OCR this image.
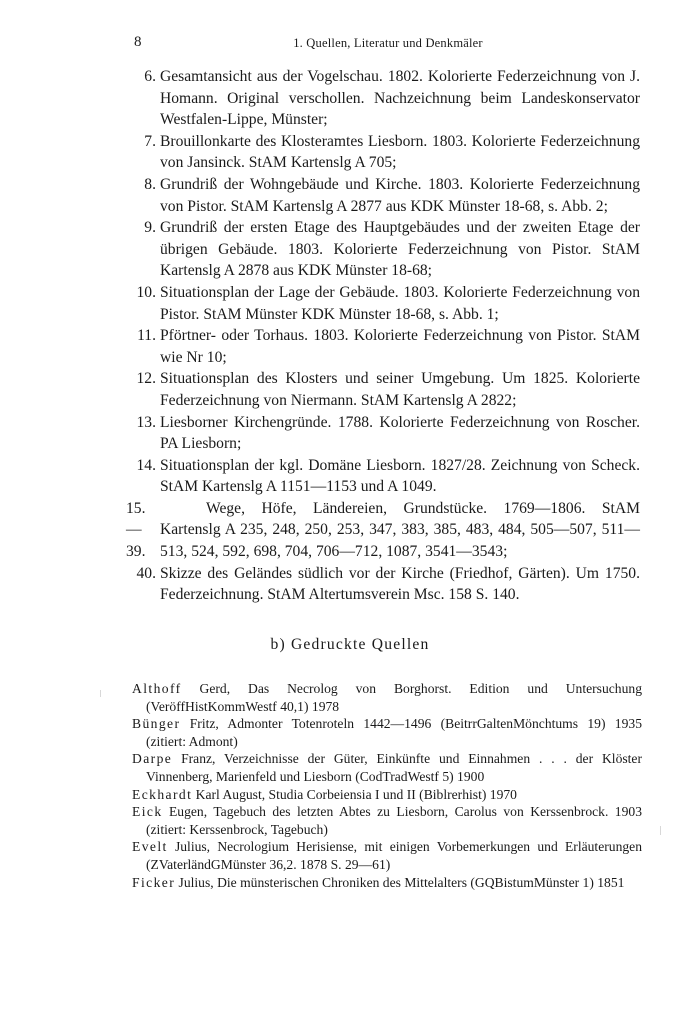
8	1. Quellen, Literatur und Denkmäler
6. Gesamtansicht aus der Vogelschau. 1802. Kolorierte Federzeichnung von J. Homann. Original verschollen. Nachzeichnung beim Landeskonservator Westfalen-Lippe, Münster;
7. Brouillonkarte des Klosteramtes Liesborn. 1803. Kolorierte Federzeichnung von Jansinck. StAM Kartenslg A 705;
8. Grundriß der Wohngebäude und Kirche. 1803. Kolorierte Federzeichnung von Pistor. StAM Kartenslg A 2877 aus KDK Münster 18-68, s. Abb. 2;
9. Grundriß der ersten Etage des Hauptgebäudes und der zweiten Etage der übrigen Gebäude. 1803. Kolorierte Federzeichnung von Pistor. StAM Kartenslg A 2878 aus KDK Münster 18-68;
10. Situationsplan der Lage der Gebäude. 1803. Kolorierte Federzeichnung von Pistor. StAM Münster KDK Münster 18-68, s. Abb. 1;
11. Pförtner- oder Torhaus. 1803. Kolorierte Federzeichnung von Pistor. StAM wie Nr 10;
12. Situationsplan des Klosters und seiner Umgebung. Um 1825. Kolorierte Federzeichnung von Niermann. StAM Kartenslg A 2822;
13. Liesborner Kirchengründe. 1788. Kolorierte Federzeichnung von Roscher. PA Liesborn;
14. Situationsplan der kgl. Domäne Liesborn. 1827/28. Zeichnung von Scheck. StAM Kartenslg A 1151—1153 und A 1049.
15.—39.
Wege, Höfe, Ländereien, Grundstücke. 1769—1806. StAM Kartenslg A 235, 248, 250, 253, 347, 383, 385, 483, 484, 505—507, 511—513, 524, 592, 698, 704, 706—712, 1087, 3541—3543;
40. Skizze des Geländes südlich vor der Kirche (Friedhof, Gärten). Um 1750. Federzeichnung. StAM Altertumsverein Msc. 158 S. 140.
b) Gedruckte Quellen
Althoff Gerd, Das Necrolog von Borghorst. Edition und Untersuchung (VeröffHistKommWestf 40,1) 1978
Bünger Fritz, Admonter Totenroteln 1442—1496 (BeitrrGaltenMönchtums 19) 1935 (zitiert: Admont)
Darpe Franz, Verzeichnisse der Güter, Einkünfte und Einnahmen . . . der Klöster Vinnenberg, Marienfeld und Liesborn (CodTradWestf 5) 1900
Eckhardt Karl August, Studia Corbeiensia I und II (Biblrerhist) 1970
Eick Eugen, Tagebuch des letzten Abtes zu Liesborn, Carolus von Kerssenbrock. 1903 (zitiert: Kerssenbrock, Tagebuch)
Evelt Julius, Necrologium Herisiense, mit einigen Vorbemerkungen und Erläuterungen (ZVaterländGMünster 36,2. 1878 S. 29—61)
Ficker Julius, Die münsterischen Chroniken des Mittelalters (GQBistumMünster 1) 1851
